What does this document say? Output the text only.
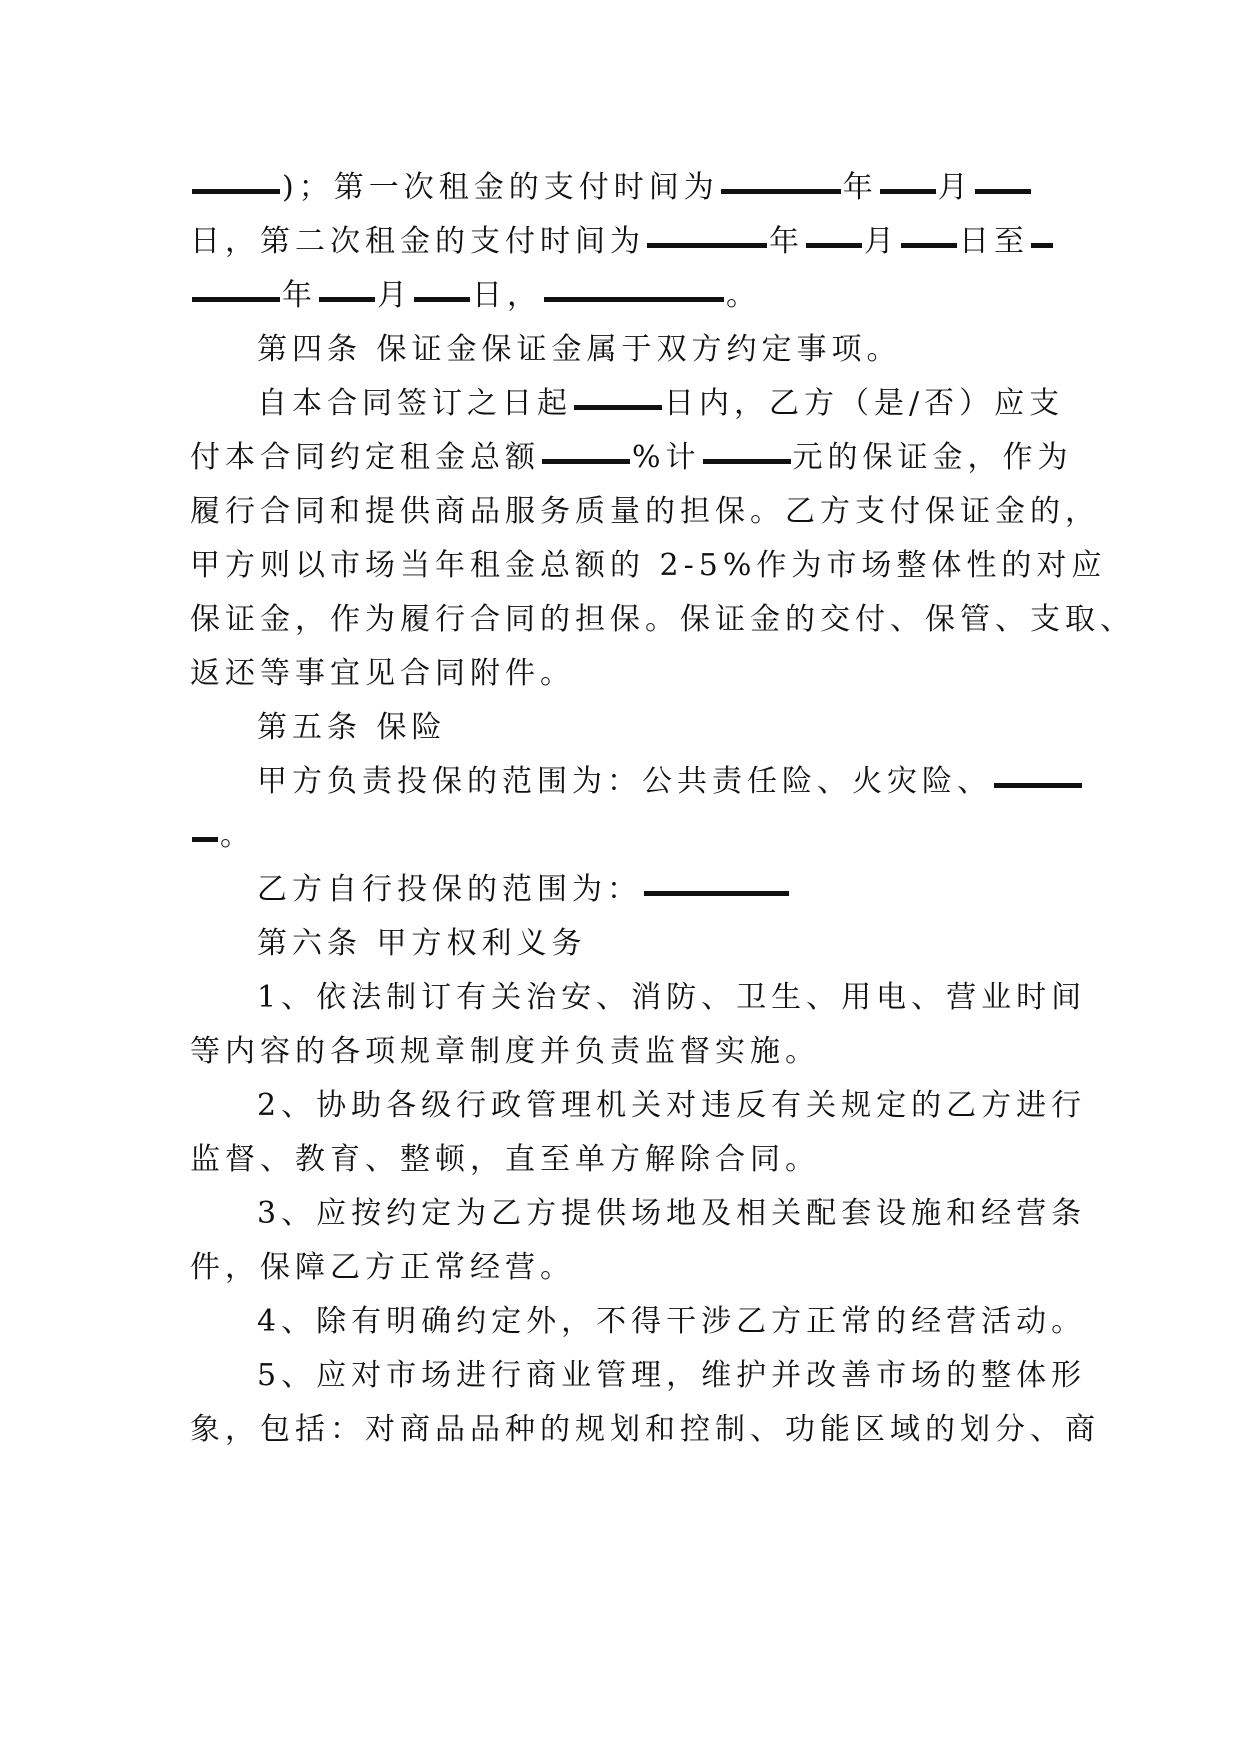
)；第一次租金的支付时间为	年 月
日，第二次租金的支付时间为	年 月 日至
年 月 日，	。
第四条 保证金保证金属于双方约定事项。
自本合同签订之日起	日内，乙方（是/否）应支
付本合同约定租金总额	%计	元的保证金，作为
履行合同和提供商品服务质量的担保。乙方支付保证金的，
甲方则以市场当年租金总额的 2-5%作为市场整体性的对应
保证金，作为履行合同的担保。保证金的交付、保管、支取、
返还等事宜见合同附件。
第五条 保险
甲方负责投保的范围为：公共责任险、火灾险、
。
乙方自行投保的范围为：
第六条 甲方权利义务
1、依法制订有关治安、消防、卫生、用电、营业时间
等内容的各项规章制度并负责监督实施。
2、协助各级行政管理机关对违反有关规定的乙方进行
监督、教育、整顿，直至单方解除合同。
3、应按约定为乙方提供场地及相关配套设施和经营条
件，保障乙方正常经营。
4、除有明确约定外，不得干涉乙方正常的经营活动。
5、应对市场进行商业管理，维护并改善市场的整体形
象，包括：对商品品种的规划和控制、功能区域的划分、商
